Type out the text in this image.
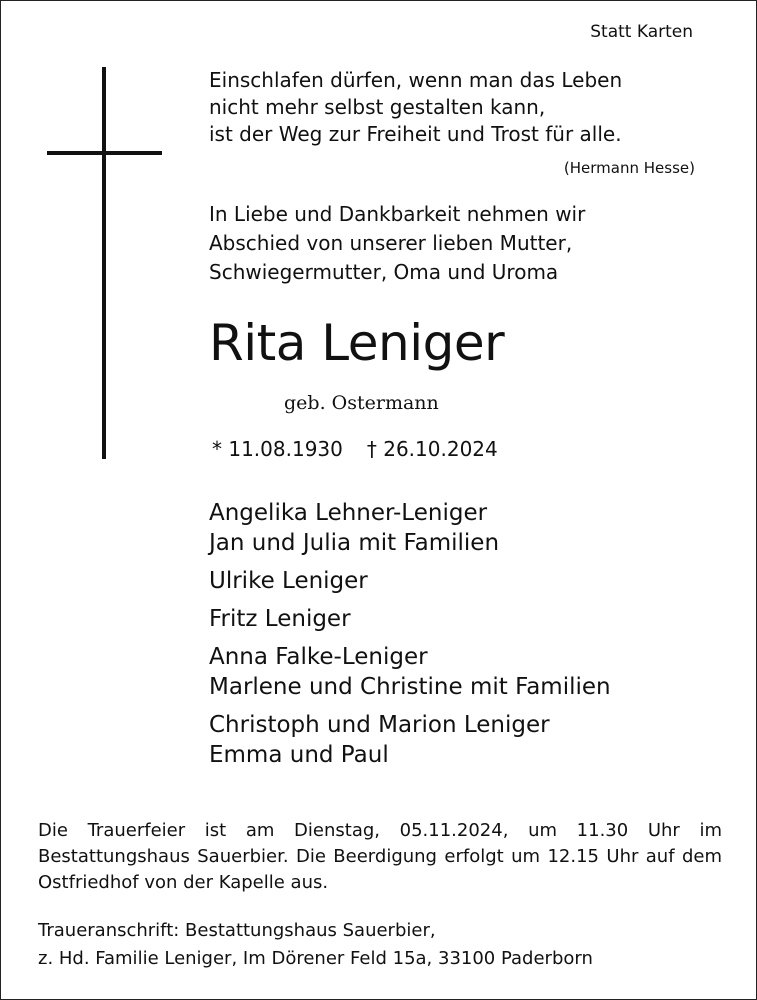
Statt Karten
Einschlafen dürfen, wenn man das Leben
nicht mehr selbst gestalten kann,
ist der Weg zur Freiheit und Trost für alle.
(Hermann Hesse)
In Liebe und Dankbarkeit nehmen wir
Abschied von unserer lieben Mutter,
Schwiegermutter, Oma und Uroma
Rita Leniger
geb. Ostermann
* 11.08.1930 † 26.10.2024
Angelika Lehner-Leniger
Jan und Julia mit Familien
Ulrike Leniger
Fritz Leniger
Anna Falke-Leniger
Marlene und Christine mit Familien
Christoph und Marion Leniger
Emma und Paul
Die Trauerfeier ist am Dienstag, 05.11.2024, um 11.30 Uhr im Bestattungshaus Sauerbier. Die Beerdigung erfolgt um 12.15 Uhr auf dem Ostfriedhof von der Kapelle aus.
Traueranschrift: Bestattungshaus Sauerbier,
z. Hd. Familie Leniger, Im Dörener Feld 15a, 33100 Paderborn
